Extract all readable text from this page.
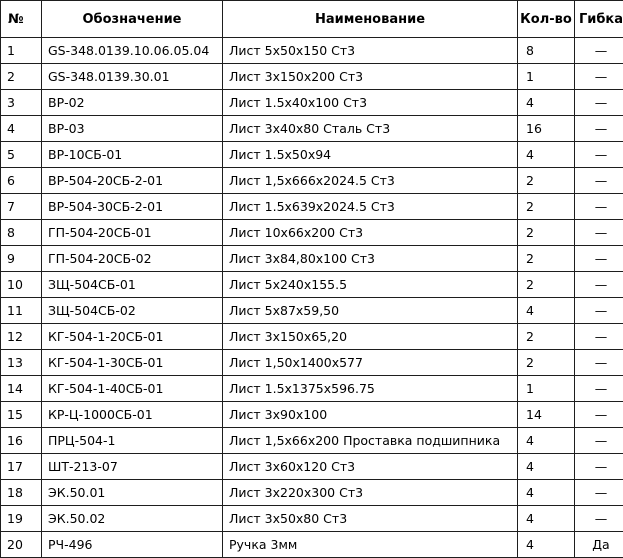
№	Обозначение	Наименование	Кол-во	Гибка
1	GS-348.0139.10.06.05.04	Лист 5x50x150 Ст3	8	—
2	GS-348.0139.30.01	Лист 3x150x200 Ст3	1	—
3	ВР-02	Лист 1.5x40x100 Ст3	4	—
4	ВР-03	Лист 3x40x80 Сталь Ст3	16	—
5	ВР-10СБ-01	Лист 1.5x50x94	4	—
6	ВР-504-20СБ-2-01	Лист 1,5x666x2024.5 Ст3	2	—
7	ВР-504-30СБ-2-01	Лист 1.5x639x2024.5 Ст3	2	—
8	ГП-504-20СБ-01	Лист 10x66x200 Ст3	2	—
9	ГП-504-20СБ-02	Лист 3x84,80x100 Ст3	2	—
10	ЗЩ-504СБ-01	Лист 5x240x155.5	2	—
11	ЗЩ-504СБ-02	Лист 5x87x59,50	4	—
12	КГ-504-1-20СБ-01	Лист 3x150x65,20	2	—
13	КГ-504-1-30СБ-01	Лист 1,50x1400x577	2	—
14	КГ-504-1-40СБ-01	Лист 1.5x1375x596.75	1	—
15	КР-Ц-1000СБ-01	Лист 3x90x100	14	—
16	ПРЦ-504-1	Лист 1,5x66x200 Проставка подшипника	4	—
17	ШТ-213-07	Лист 3x60x120 Ст3	4	—
18	ЭК.50.01	Лист 3x220x300 Ст3	4	—
19	ЭК.50.02	Лист 3x50x80 Ст3	4	—
20	РЧ-496	Ручка 3мм	4	Да
